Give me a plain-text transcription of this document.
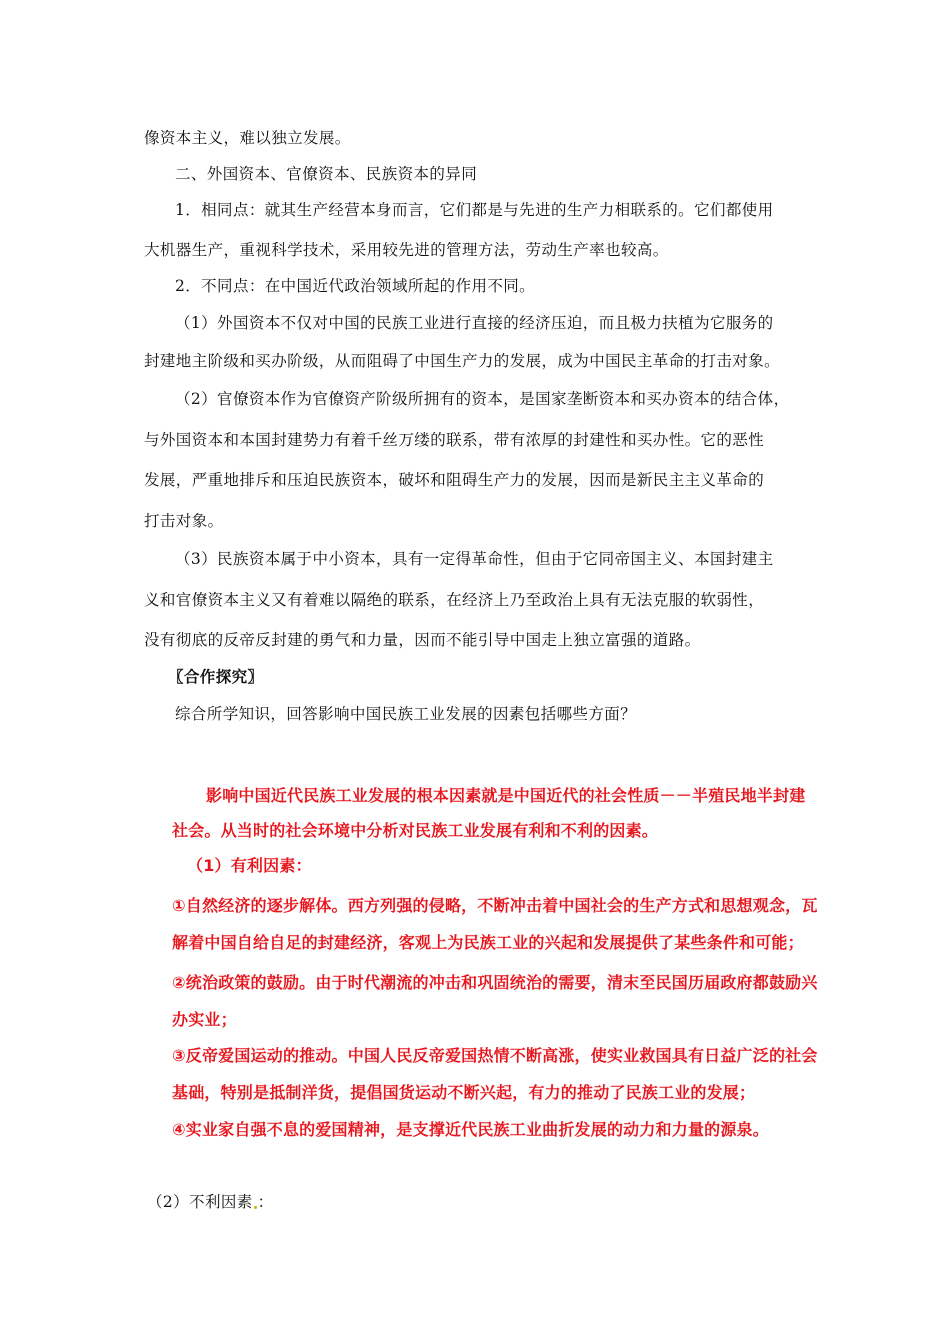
像资本主义，难以独立发展。
二、外国资本、官僚资本、民族资本的异同
1．相同点：就其生产经营本身而言，它们都是与先进的生产力相联系的。它们都使用
大机器生产，重视科学技术，采用较先进的管理方法，劳动生产率也较高。
2．不同点：在中国近代政治领域所起的作用不同。
（1）外国资本不仅对中国的民族工业进行直接的经济压迫，而且极力扶植为它服务的
封建地主阶级和买办阶级，从而阻碍了中国生产力的发展，成为中国民主革命的打击对象。
（2）官僚资本作为官僚资产阶级所拥有的资本，是国家垄断资本和买办资本的结合体，
与外国资本和本国封建势力有着千丝万缕的联系，带有浓厚的封建性和买办性。它的恶性
发展，严重地排斥和压迫民族资本，破坏和阻碍生产力的发展，因而是新民主主义革命的
打击对象。
（3）民族资本属于中小资本，具有一定得革命性，但由于它同帝国主义、本国封建主
义和官僚资本主义又有着难以隔绝的联系，在经济上乃至政治上具有无法克服的软弱性，
没有彻底的反帝反封建的勇气和力量，因而不能引导中国走上独立富强的道路。
〖合作探究〗
综合所学知识，回答影响中国民族工业发展的因素包括哪些方面？
影响中国近代民族工业发展的根本因素就是中国近代的社会性质－－半殖民地半封建
社会。从当时的社会环境中分析对民族工业发展有利和不利的因素。
（1）有利因素：
①自然经济的逐步解体。西方列强的侵略，不断冲击着中国社会的生产方式和思想观念，瓦
解着中国自给自足的封建经济，客观上为民族工业的兴起和发展提供了某些条件和可能；
②统治政策的鼓励。由于时代潮流的冲击和巩固统治的需要，清末至民国历届政府都鼓励兴
办实业；
③反帝爱国运动的推动。中国人民反帝爱国热情不断高涨，使实业救国具有日益广泛的社会
基础，特别是抵制洋货，提倡国货运动不断兴起，有力的推动了民族工业的发展；
④实业家自强不息的爱国精神，是支撑近代民族工业曲折发展的动力和力量的源泉。
（2）不利因素 ：
